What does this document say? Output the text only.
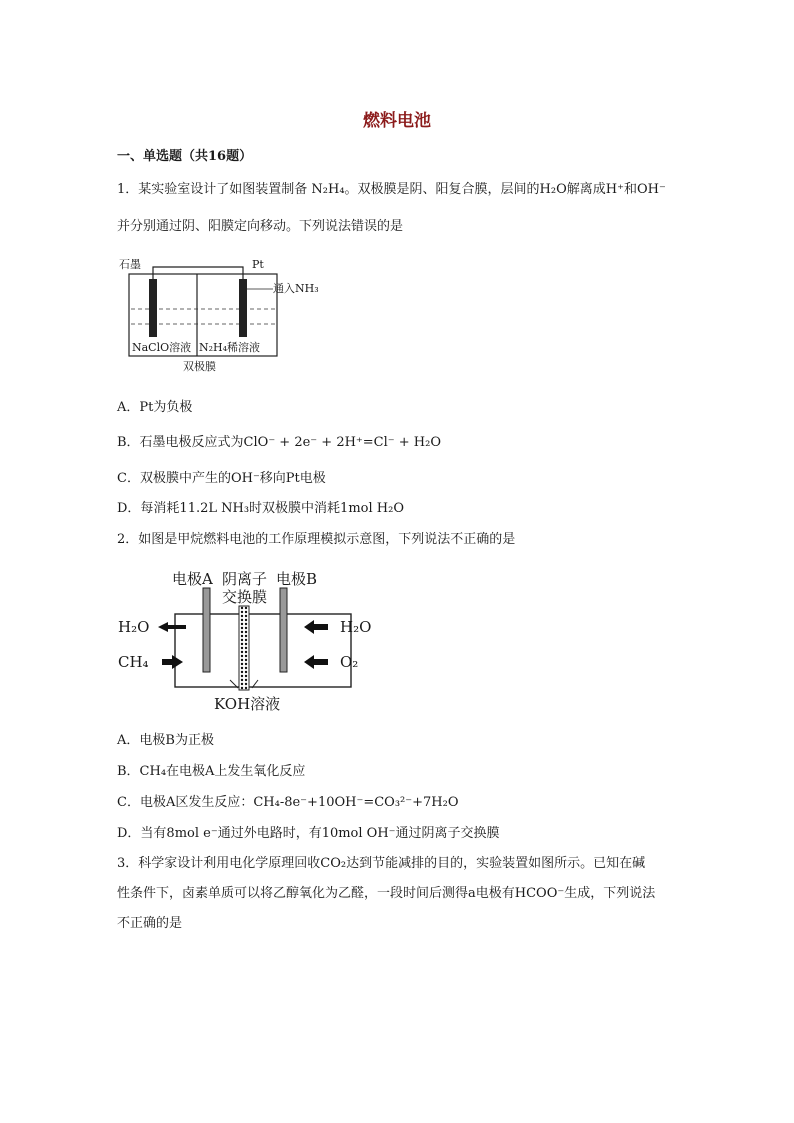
燃料电池
一、单选题（共16题）
1．某实验室设计了如图装置制备 N₂H₄。双极膜是阴、阳复合膜，层间的H₂O解离成H⁺和OH⁻
并分别通过阴、阳膜定向移动。下列说法错误的是
石墨	Pt
通入NH₃
NaClO溶液 N₂H₄稀溶液
双极膜
A．Pt为负极
B．石墨电极反应式为ClO⁻ + 2e⁻ + 2H⁺=Cl⁻ + H₂O
C．双极膜中产生的OH⁻移向Pt电极
D．每消耗11.2L NH₃时双极膜中消耗1mol H₂O
2．如图是甲烷燃料电池的工作原理模拟示意图，下列说法不正确的是
电极A 阴离子
交换膜
电极B
H₂O
CH₄
H₂O
O₂
KOH溶液
A．电极B为正极
B．CH₄在电极A上发生氧化反应
C．电极A区发生反应：CH₄-8e⁻+10OH⁻=CO₃²⁻+7H₂O
D．当有8mol e⁻通过外电路时，有10mol OH⁻通过阴离子交换膜
3．科学家设计利用电化学原理回收CO₂达到节能减排的目的，实验装置如图所示。已知在碱
性条件下，卤素单质可以将乙醇氧化为乙醛，一段时间后测得a电极有HCOO⁻生成，下列说法
不正确的是
